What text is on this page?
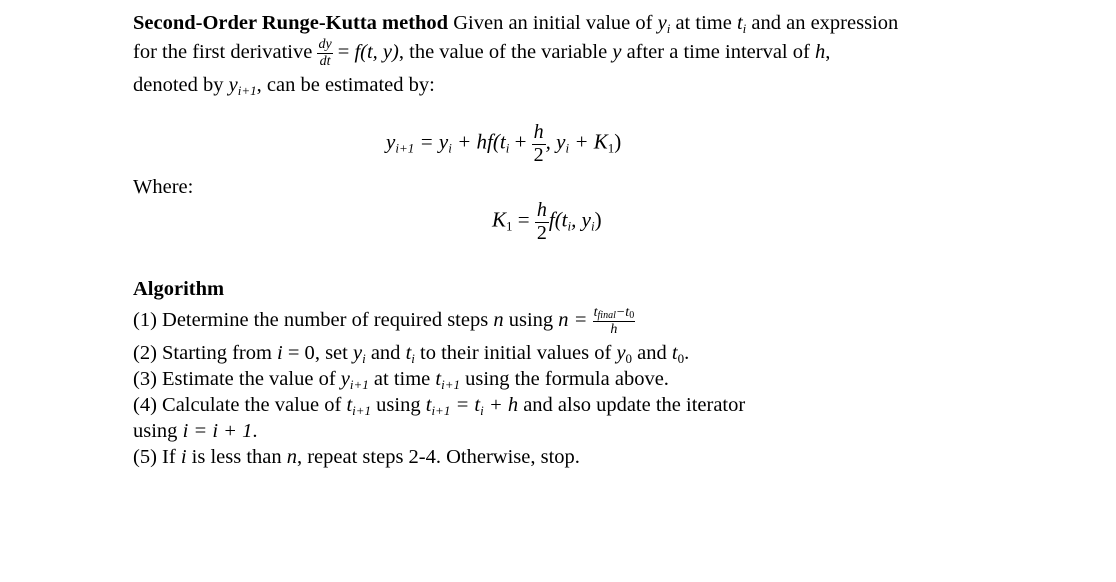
Second-Order Runge-Kutta method Given an initial value of $y_i$ at time $t_i$ and an expression
for the first derivative $\frac{dy}{dt} = f(t$, y), the value of the variable y after a time interval of h,
denoted by $y_{i+1}$, can be estimated by:
$y_{i+1} = y_i + hf(t_i + \frac{h}{2}$ , $y_i + K_1$)
Where:
$K_1 = \frac{h}{2} f(t_i$, $y_i$)
Algorithm
(1) Determine the number of required steps n using $n = \frac{t_{final}-t_0}{h}$
(2) Starting from i = 0, set $y_i$ and $t_i$ to their initial values of $y_0$ and $t_0$.
(3) Estimate the value of $y_{i+1}$ at time $t_{i+1}$ using the formula above.
(4) Calculate the value of $t_{i+1}$ using $t_{i+1} = t_i + h$ and also update the iterator
using i = i + 1.
(5) If i is less than n, repeat steps 2-4. Otherwise, stop.
